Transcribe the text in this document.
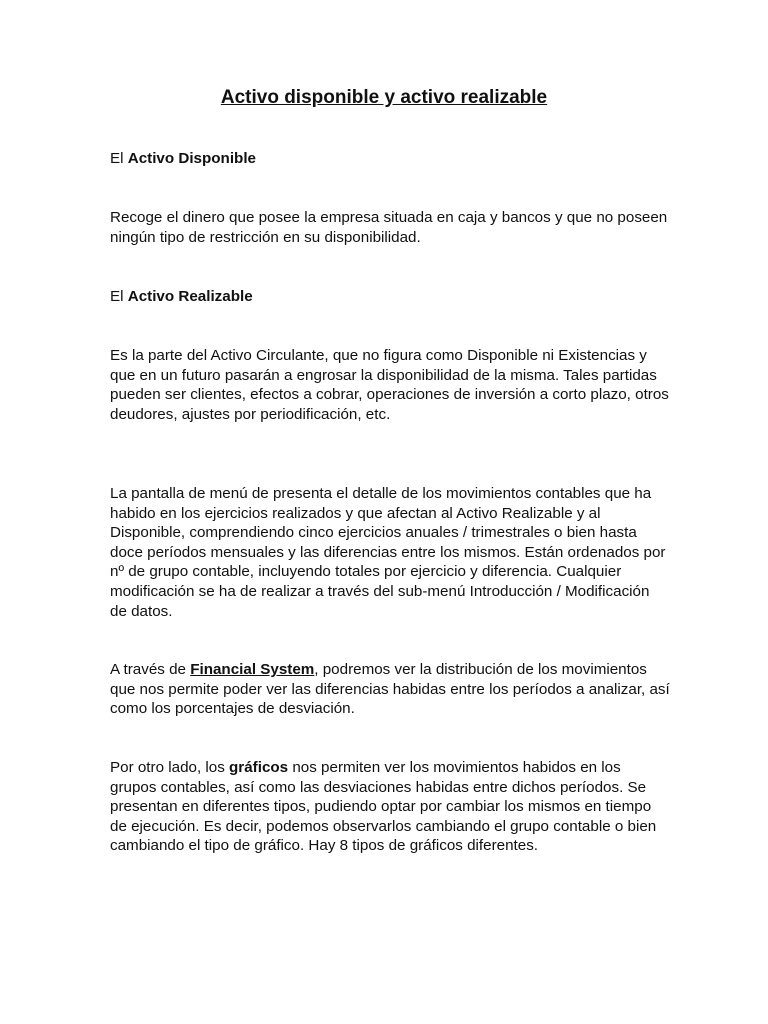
Activo disponible y activo realizable

El Activo Disponible

Recoge el dinero que posee la empresa situada en caja y bancos y que no poseen ningún tipo de restricción en su disponibilidad.

El Activo Realizable

Es la parte del Activo Circulante, que no figura como Disponible ni Existencias y que en un futuro pasarán a engrosar la disponibilidad de la misma. Tales partidas pueden ser clientes, efectos a cobrar, operaciones de inversión a corto plazo, otros deudores, ajustes por periodificación, etc.

La pantalla de menú de presenta el detalle de los movimientos contables que ha habido en los ejercicios realizados y que afectan al Activo Realizable y al Disponible, comprendiendo cinco ejercicios anuales / trimestrales o bien hasta doce períodos mensuales y las diferencias entre los mismos. Están ordenados por nº de grupo contable, incluyendo totales por ejercicio y diferencia. Cualquier modificación se ha de realizar a través del sub-menú Introducción / Modificación de datos.

A través de Financial System, podremos ver la distribución de los movimientos que nos permite poder ver las diferencias habidas entre los períodos a analizar, así como los porcentajes de desviación.

Por otro lado, los gráficos nos permiten ver los movimientos habidos en los grupos contables, así como las desviaciones habidas entre dichos períodos. Se presentan en diferentes tipos, pudiendo optar por cambiar los mismos en tiempo de ejecución. Es decir, podemos observarlos cambiando el grupo contable o bien cambiando el tipo de gráfico. Hay 8 tipos de gráficos diferentes.
